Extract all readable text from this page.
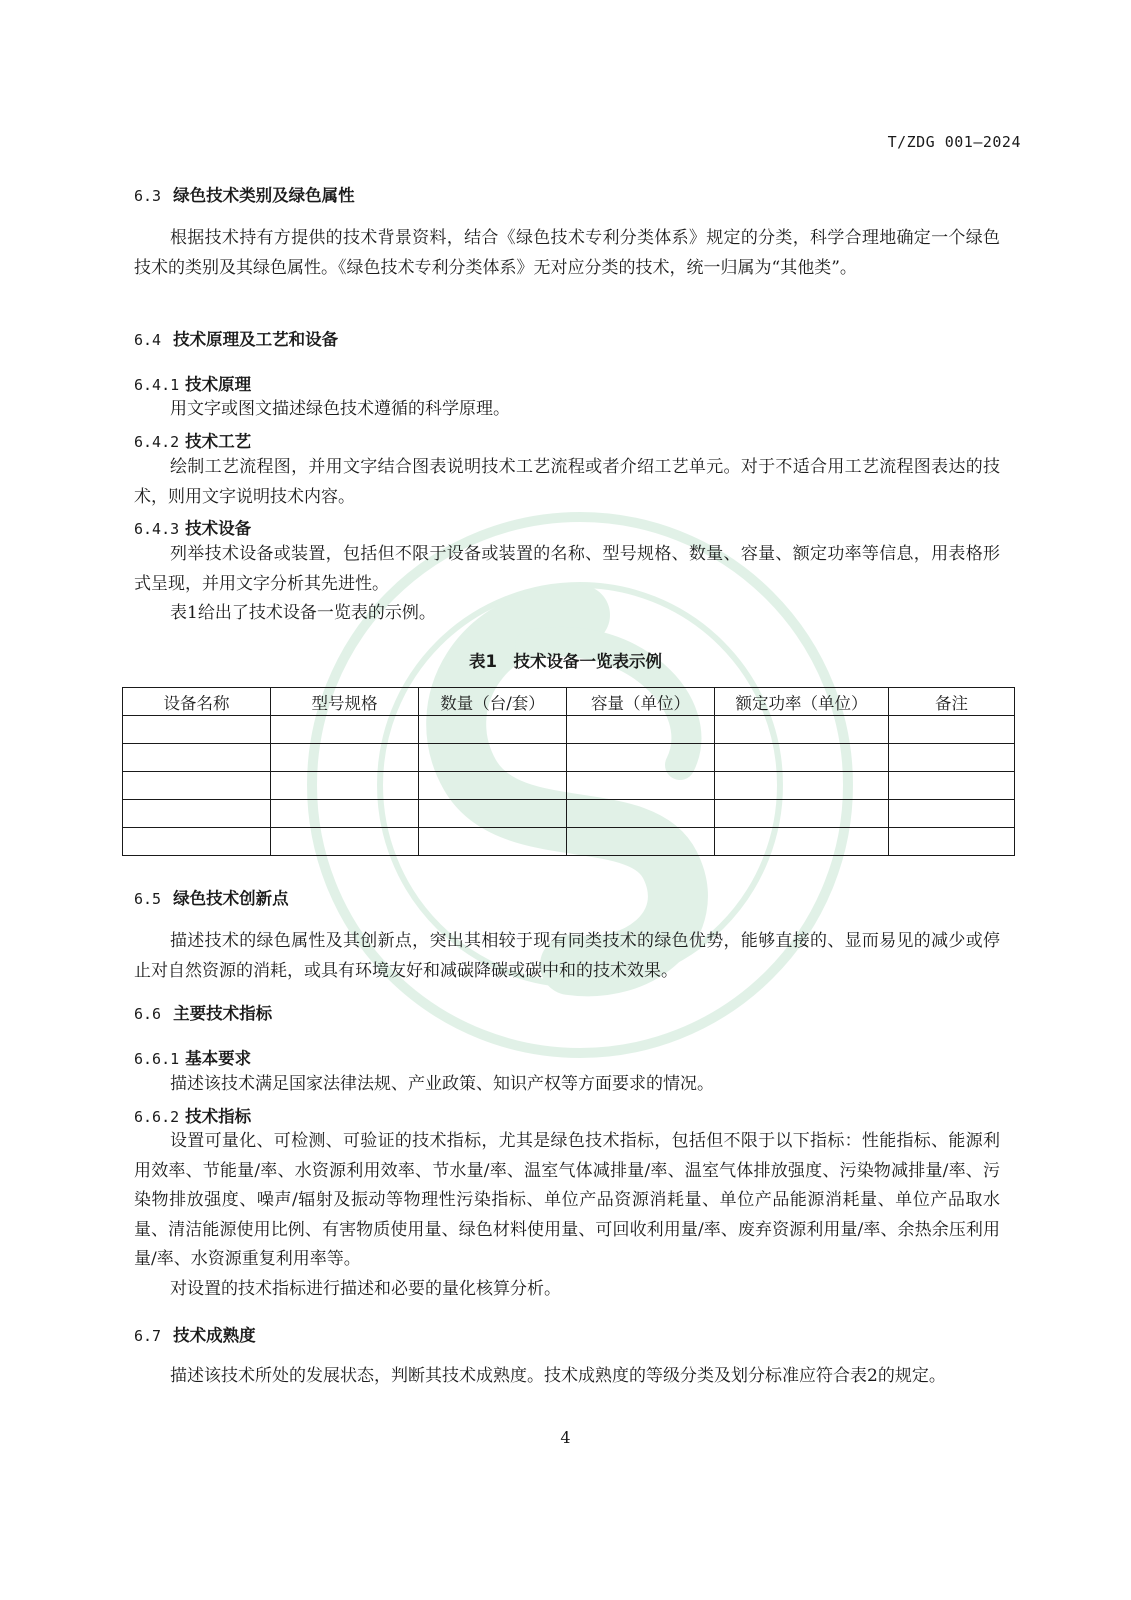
T/ZDG 001—2024
6.3 绿色技术类别及绿色属性
根据技术持有方提供的技术背景资料，结合《绿色技术专利分类体系》规定的分类，科学合理地确定一个绿色技术的类别及其绿色属性。《绿色技术专利分类体系》无对应分类的技术，统一归属为“其他类”。
6.4 技术原理及工艺和设备
6.4.1 技术原理
用文字或图文描述绿色技术遵循的科学原理。
6.4.2 技术工艺
绘制工艺流程图，并用文字结合图表说明技术工艺流程或者介绍工艺单元。对于不适合用工艺流程图表达的技术，则用文字说明技术内容。
6.4.3 技术设备
列举技术设备或装置，包括但不限于设备或装置的名称、型号规格、数量、容量、额定功率等信息，用表格形式呈现，并用文字分析其先进性。
表1给出了技术设备一览表的示例。
表1　技术设备一览表示例
设备名称	型号规格	数量（台/套）	容量（单位）	额定功率（单位）	备注

6.5 绿色技术创新点
描述技术的绿色属性及其创新点，突出其相较于现有同类技术的绿色优势，能够直接的、显而易见的减少或停止对自然资源的消耗，或具有环境友好和减碳降碳或碳中和的技术效果。
6.6 主要技术指标
6.6.1 基本要求
描述该技术满足国家法律法规、产业政策、知识产权等方面要求的情况。
6.6.2 技术指标
设置可量化、可检测、可验证的技术指标，尤其是绿色技术指标，包括但不限于以下指标：性能指标、能源利用效率、节能量/率、水资源利用效率、节水量/率、温室气体减排量/率、温室气体排放强度、污染物减排量/率、污染物排放强度、噪声/辐射及振动等物理性污染指标、单位产品资源消耗量、单位产品能源消耗量、单位产品取水量、清洁能源使用比例、有害物质使用量、绿色材料使用量、可回收利用量/率、废弃资源利用量/率、余热余压利用量/率、水资源重复利用率等。
对设置的技术指标进行描述和必要的量化核算分析。
6.7 技术成熟度
描述该技术所处的发展状态，判断其技术成熟度。技术成熟度的等级分类及划分标准应符合表2的规定。
4
